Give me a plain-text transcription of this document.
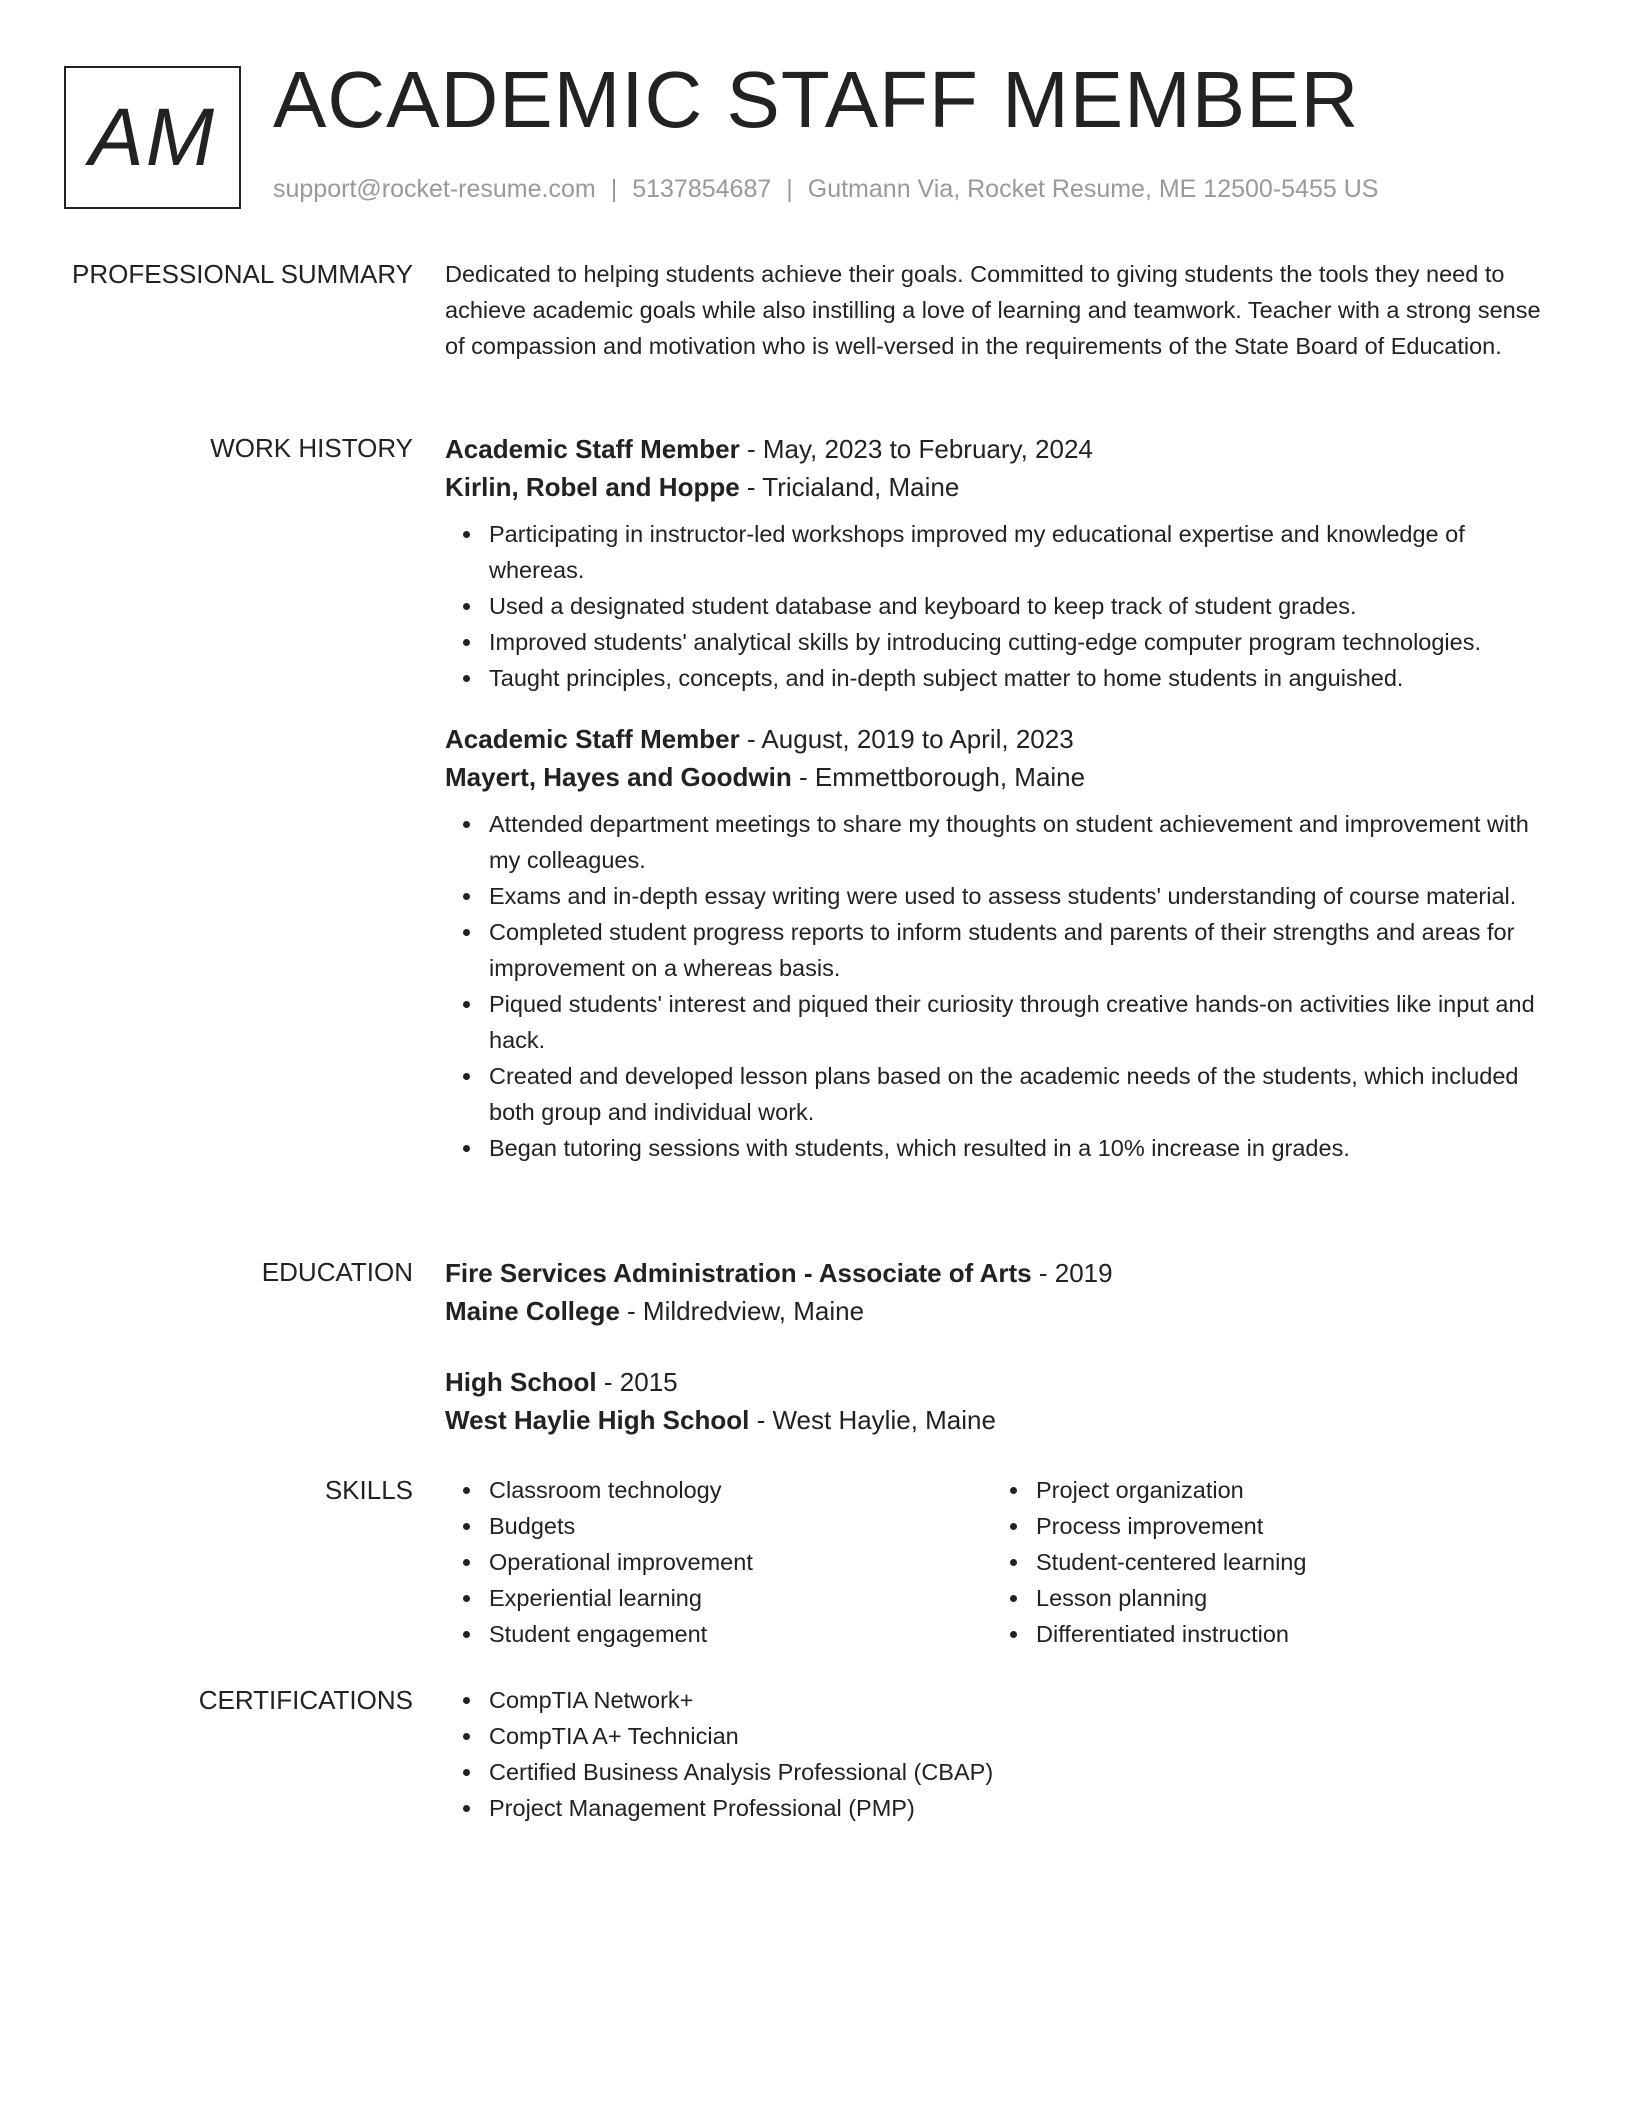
AM ACADEMIC STAFF MEMBER
support@rocket-resume.com | 5137854687 | Gutmann Via, Rocket Resume, ME 12500-5455 US
PROFESSIONAL SUMMARY Dedicated to helping students achieve their goals. Committed to giving students the tools they need to achieve academic goals while also instilling a love of learning and teamwork. Teacher with a strong sense of compassion and motivation who is well-versed in the requirements of the State Board of Education.
WORK HISTORY Academic Staff Member - May, 2023 to February, 2024
Kirlin, Robel and Hoppe - Tricialand, Maine
Participating in instructor-led workshops improved my educational expertise and knowledge of whereas.
Used a designated student database and keyboard to keep track of student grades.
Improved students' analytical skills by introducing cutting-edge computer program technologies.
Taught principles, concepts, and in-depth subject matter to home students in anguished.
Academic Staff Member - August, 2019 to April, 2023
Mayert, Hayes and Goodwin - Emmettborough, Maine
Attended department meetings to share my thoughts on student achievement and improvement with my colleagues.
Exams and in-depth essay writing were used to assess students' understanding of course material.
Completed student progress reports to inform students and parents of their strengths and areas for improvement on a whereas basis.
Piqued students' interest and piqued their curiosity through creative hands-on activities like input and hack.
Created and developed lesson plans based on the academic needs of the students, which included both group and individual work.
Began tutoring sessions with students, which resulted in a 10% increase in grades.
EDUCATION Fire Services Administration - Associate of Arts - 2019
Maine College - Mildredview, Maine
High School - 2015
West Haylie High School - West Haylie, Maine
SKILLS	Classroom technology
Budgets
Operational improvement
Experiential learning
Student engagement
Project organization
Process improvement
Student-centered learning
Lesson planning
Differentiated instruction
CERTIFICATIONS	CompTIA Network+
CompTIA A+ Technician
Certified Business Analysis Professional (CBAP)
Project Management Professional (PMP)
